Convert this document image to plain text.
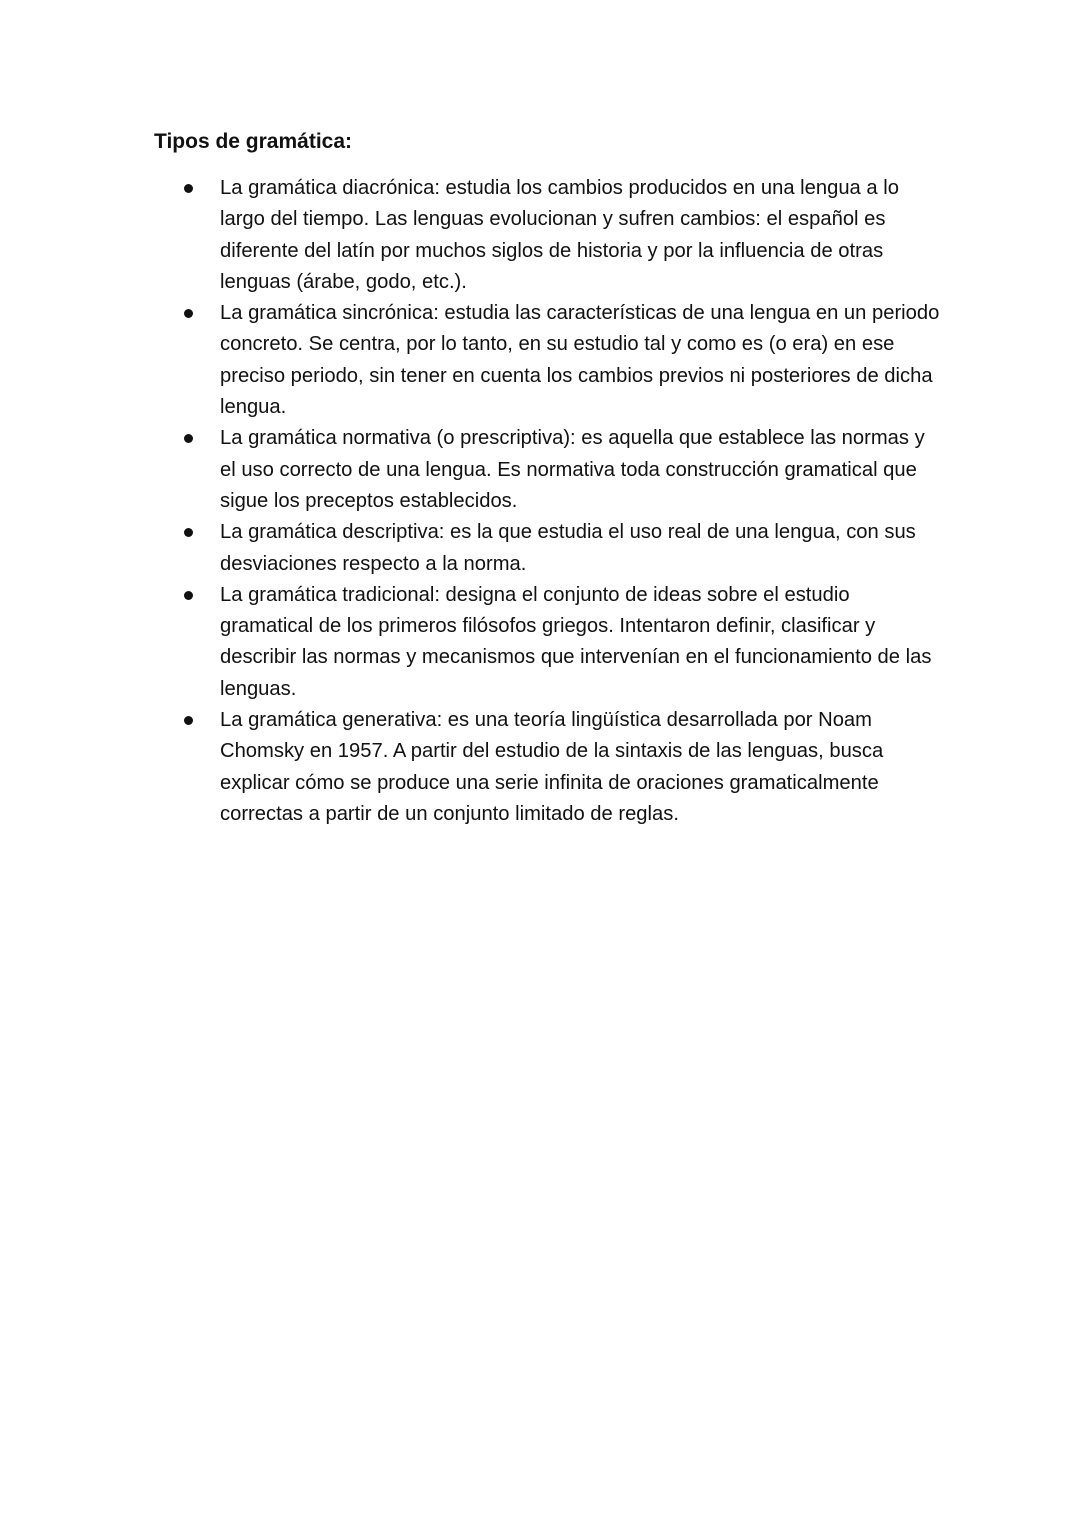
Tipos de gramática:
La gramática diacrónica: estudia los cambios producidos en una lengua a lo largo del tiempo. Las lenguas evolucionan y sufren cambios: el español es diferente del latín por muchos siglos de historia y por la influencia de otras lenguas (árabe, godo, etc.).
La gramática sincrónica: estudia las características de una lengua en un periodo concreto. Se centra, por lo tanto, en su estudio tal y como es (o era) en ese preciso periodo, sin tener en cuenta los cambios previos ni posteriores de dicha lengua.
La gramática normativa (o prescriptiva): es aquella que establece las normas y el uso correcto de una lengua. Es normativa toda construcción gramatical que sigue los preceptos establecidos.
La gramática descriptiva: es la que estudia el uso real de una lengua, con sus desviaciones respecto a la norma.
La gramática tradicional: designa el conjunto de ideas sobre el estudio gramatical de los primeros filósofos griegos. Intentaron definir, clasificar y describir las normas y mecanismos que intervenían en el funcionamiento de las lenguas.
La gramática generativa: es una teoría lingüística desarrollada por Noam Chomsky en 1957. A partir del estudio de la sintaxis de las lenguas, busca explicar cómo se produce una serie infinita de oraciones gramaticalmente correctas a partir de un conjunto limitado de reglas.
